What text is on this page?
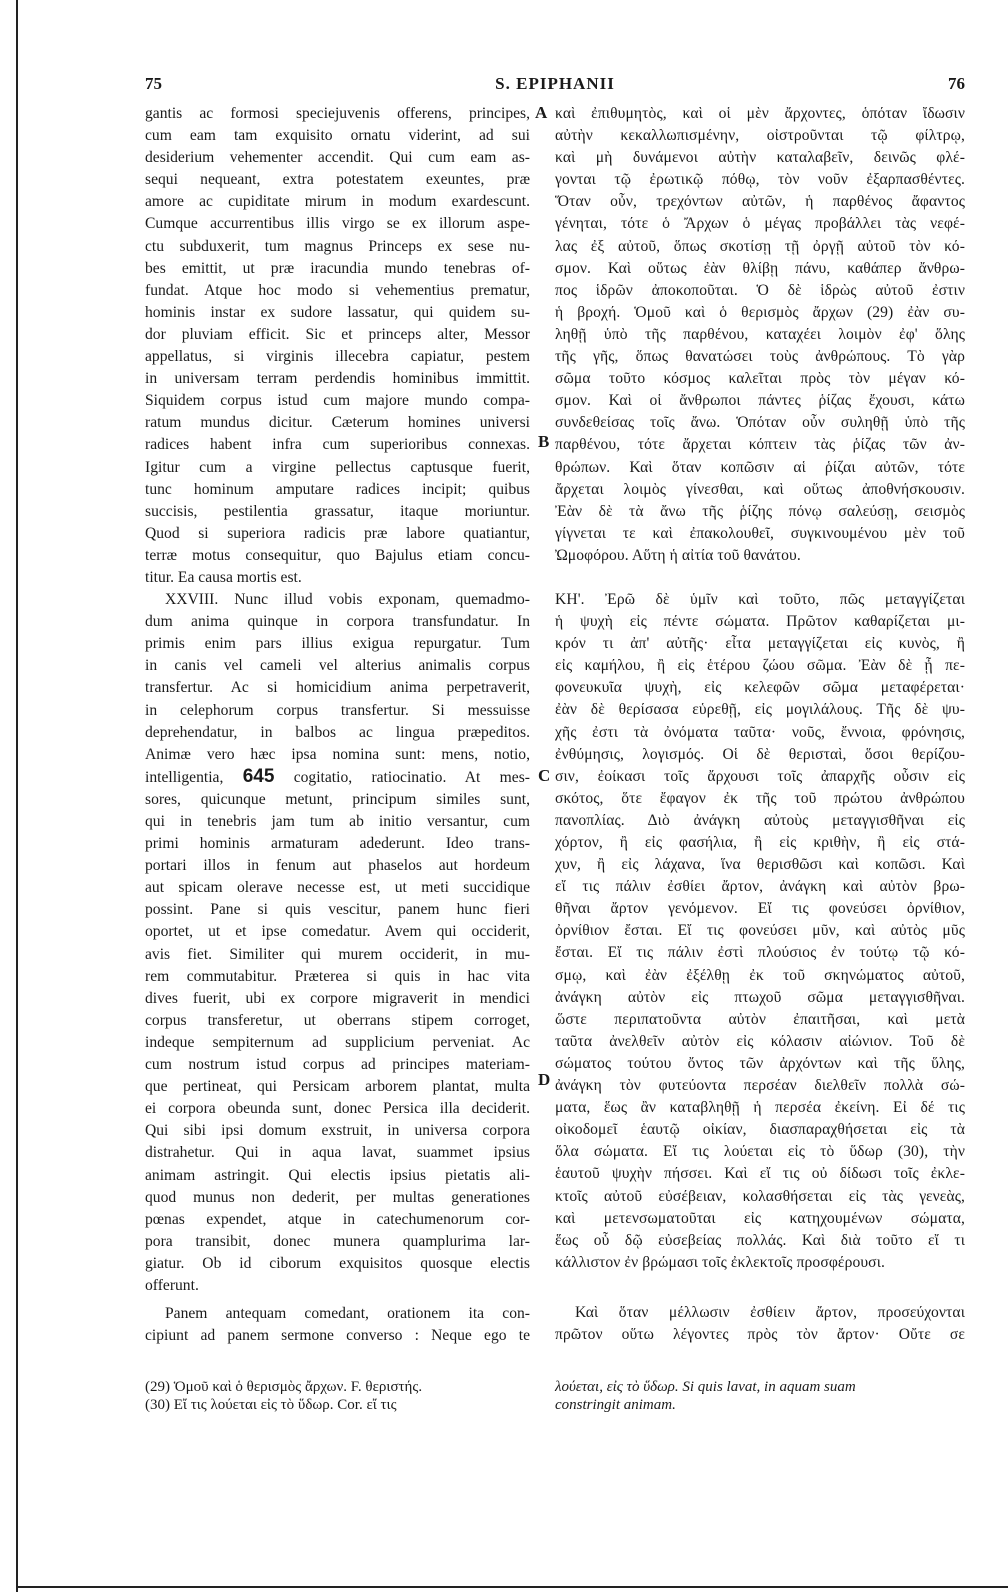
75	S. EPIPHANII	76
A
B
C
D
gantis ac formosi speciejuvenis offerens, principes,
cum eam tam exquisito ornatu viderint, ad sui
desiderium vehementer accendit. Qui cum eam as-
sequi nequeant, extra potestatem exeuntes, præ
amore ac cupiditate mirum in modum exardescunt.
Cumque accurrentibus illis virgo se ex illorum aspe-
ctu subduxerit, tum magnus Princeps ex sese nu-
bes emittit, ut præ iracundia mundo tenebras of-
fundat. Atque hoc modo si vehementius prematur,
hominis instar ex sudore lassatur, qui quidem su-
dor pluviam efficit. Sic et princeps alter, Messor
appellatus, si virginis illecebra capiatur, pestem
in universam terram perdendis hominibus immittit.
Siquidem corpus istud cum majore mundo compa-
ratum mundus dicitur. Cæterum homines universi
radices habent infra cum superioribus connexas.
Igitur cum a virgine pellectus captusque fuerit,
tunc hominum amputare radices incipit; quibus
succisis, pestilentia grassatur, itaque moriuntur.
Quod si superiora radicis præ labore quatiantur,
terræ motus consequitur, quo Bajulus etiam concu-
titur. Ea causa mortis est.
XXVIII. Nunc illud vobis exponam, quemadmo-
dum anima quinque in corpora transfundatur. In
primis enim pars illius exigua repurgatur. Tum
in canis vel cameli vel alterius animalis corpus
transfertur. Ac si homicidium anima perpetraverit,
in celephorum corpus transfertur. Si messuisse
deprehendatur, in balbos ac lingua præpeditos.
Animæ vero hæc ipsa nomina sunt: mens, notio,
intelligentia, 645 cogitatio, ratiocinatio. At mes-
sores, quicunque metunt, principum similes sunt,
qui in tenebris jam tum ab initio versantur, cum
primi hominis armaturam adederunt. Ideo trans-
portari illos in fenum aut phaselos aut hordeum
aut spicam olerave necesse est, ut meti succidique
possint. Pane si quis vescitur, panem hunc fieri
oportet, ut et ipse comedatur. Avem qui occiderit,
avis fiet. Similiter qui murem occiderit, in mu-
rem commutabitur. Præterea si quis in hac vita
dives fuerit, ubi ex corpore migraverit in mendici
corpus transferetur, ut oberrans stipem corroget,
indeque sempiternum ad supplicium perveniat. Ac
cum nostrum istud corpus ad principes materiam-
que pertineat, qui Persicam arborem plantat, multa
ei corpora obeunda sunt, donec Persica illa deciderit.
Qui sibi ipsi domum exstruit, in universa corpora
distrahetur. Qui in aqua lavat, suammet ipsius
animam astringit. Qui electis ipsius pietatis ali-
quod munus non dederit, per multas generationes
pœnas expendet, atque in catechumenorum cor-
pora transibit, donec munera quamplurima lar-
giatur. Ob id ciborum exquisitos quosque electis
offerunt.
Panem antequam comedant, orationem ita con-
cipiunt ad panem sermone converso : Neque ego te
καὶ ἐπιθυμητὸς, καὶ οἱ μὲν ἄρχοντες, ὁπόταν ἴδωσιν
αὐτὴν κεκαλλωπισμένην, οἰστροῦνται τῷ φίλτρῳ,
καὶ μὴ δυνάμενοι αὐτὴν καταλαβεῖν, δεινῶς φλέ-
γονται τῷ ἐρωτικῷ πόθῳ, τὸν νοῦν ἐξαρπασθέντες.
Ὅταν οὖν, τρεχόντων αὐτῶν, ἡ παρθένος ἄφαντος
γένηται, τότε ὁ Ἄρχων ὁ μέγας προβάλλει τὰς νεφέ-
λας ἐξ αὐτοῦ, ὅπως σκοτίσῃ τῇ ὀργῇ αὐτοῦ τὸν κό-
σμον. Καὶ οὕτως ἐὰν θλίβῃ πάνυ, καθάπερ ἄνθρω-
πος ἱδρῶν ἀποκοποῦται. Ὁ δὲ ἱδρὼς αὐτοῦ ἐστιν
ἡ βροχή. Ὁμοῦ καὶ ὁ θερισμὸς ἄρχων (29) ἐὰν συ-
ληθῇ ὑπὸ τῆς παρθένου, καταχέει λοιμὸν ἐφ' ὅλης
τῆς γῆς, ὅπως θανατώσει τοὺς ἀνθρώπους. Τὸ γὰρ
σῶμα τοῦτο κόσμος καλεῖται πρὸς τὸν μέγαν κό-
σμον. Καὶ οἱ ἄνθρωποι πάντες ῥίζας ἔχουσι, κάτω
συνδεθείσας τοῖς ἄνω. Ὁπόταν οὖν συληθῇ ὑπὸ τῆς
παρθένου, τότε ἄρχεται κόπτειν τὰς ῥίζας τῶν ἀν-
θρώπων. Καὶ ὅταν κοπῶσιν αἱ ῥίζαι αὐτῶν, τότε
ἄρχεται λοιμὸς γίνεσθαι, καὶ οὕτως ἀποθνήσκουσιν.
Ἐὰν δὲ τὰ ἄνω τῆς ῥίζης πόνῳ σαλεύσῃ, σεισμὸς
γίγνεται τε καὶ ἐπακολουθεῖ, συγκινουμένου μὲν τοῦ
Ὠμοφόρου. Αὕτη ἡ αἰτία τοῦ θανάτου.
ΚΗ'. Ἐρῶ δὲ ὑμῖν καὶ τοῦτο, πῶς μεταγγίζεται
ἡ ψυχὴ εἰς πέντε σώματα. Πρῶτον καθαρίζεται μι-
κρόν τι ἀπ' αὐτῆς· εἶτα μεταγγίζεται εἰς κυνὸς, ἢ
εἰς καμήλου, ἢ εἰς ἑτέρου ζώου σῶμα. Ἐὰν δὲ ᾖ πε-
φονευκυῖα ψυχὴ, εἰς κελεφῶν σῶμα μεταφέρεται·
ἐὰν δὲ θερίσασα εὑρεθῇ, εἰς μογιλάλους. Τῆς δὲ ψυ-
χῆς ἐστι τὰ ὀνόματα ταῦτα· νοῦς, ἔννοια, φρόνησις,
ἐνθύμησις, λογισμός. Οἱ δὲ θερισταὶ, ὅσοι θερίζου-
σιν, ἐοίκασι τοῖς ἄρχουσι τοῖς ἀπαρχῆς οὖσιν εἰς
σκότος, ὅτε ἔφαγον ἐκ τῆς τοῦ πρώτου ἀνθρώπου
πανοπλίας. Διὸ ἀνάγκη αὐτοὺς μεταγγισθῆναι εἰς
χόρτον, ἢ εἰς φασήλια, ἢ εἰς κριθὴν, ἢ εἰς στά-
χυν, ἢ εἰς λάχανα, ἵνα θερισθῶσι καὶ κοπῶσι. Καὶ
εἴ τις πάλιν ἐσθίει ἄρτον, ἀνάγκη καὶ αὐτὸν βρω-
θῆναι ἄρτον γενόμενον. Εἴ τις φονεύσει ὀρνίθιον,
ὀρνίθιον ἔσται. Εἴ τις φονεύσει μῦν, καὶ αὐτὸς μῦς
ἔσται. Εἴ τις πάλιν ἐστὶ πλούσιος ἐν τούτῳ τῷ κό-
σμῳ, καὶ ἐὰν ἐξέλθῃ ἐκ τοῦ σκηνώματος αὐτοῦ,
ἀνάγκη αὐτὸν εἰς πτωχοῦ σῶμα μεταγγισθῆναι.
ὥστε περιπατοῦντα αὐτὸν ἐπαιτῆσαι, καὶ μετὰ
ταῦτα ἀνελθεῖν αὐτὸν εἰς κόλασιν αἰώνιον. Τοῦ δὲ
σώματος τούτου ὄντος τῶν ἀρχόντων καὶ τῆς ὕλης,
ἀνάγκη τὸν φυτεύοντα περσέαν διελθεῖν πολλὰ σώ-
ματα, ἕως ἂν καταβληθῇ ἡ περσέα ἐκείνη. Εἰ δέ τις
οἰκοδομεῖ ἑαυτῷ οἰκίαν, διασπαραχθήσεται εἰς τὰ
ὅλα σώματα. Εἴ τις λούεται εἰς τὸ ὕδωρ (30), τὴν
ἑαυτοῦ ψυχὴν πήσσει. Καὶ εἴ τις οὐ δίδωσι τοῖς ἐκλε-
κτοῖς αὐτοῦ εὐσέβειαν, κολασθήσεται εἰς τὰς γενεὰς,
καὶ μετενσωματοῦται εἰς κατηχουμένων σώματα,
ἕως οὗ δῷ εὐσεβείας πολλάς. Καὶ διὰ τοῦτο εἴ τι
κάλλιστον ἐν βρώμασι τοῖς ἐκλεκτοῖς προσφέρουσι.
Καὶ ὅταν μέλλωσιν ἐσθίειν ἄρτον, προσεύχονται
πρῶτον οὕτω λέγοντες πρὸς τὸν ἄρτον· Οὔτε σε

(29) Ὁμοῦ καὶ ὁ θερισμὸς ἄρχων. F. θεριστής.

(30) Εἴ τις λούεται εἰς τὸ ὕδωρ. Cor. εἴ τις

λούεται, εἰς τὸ ὕδωρ. Si quis lavat, in aquam suam

constringit animam.
